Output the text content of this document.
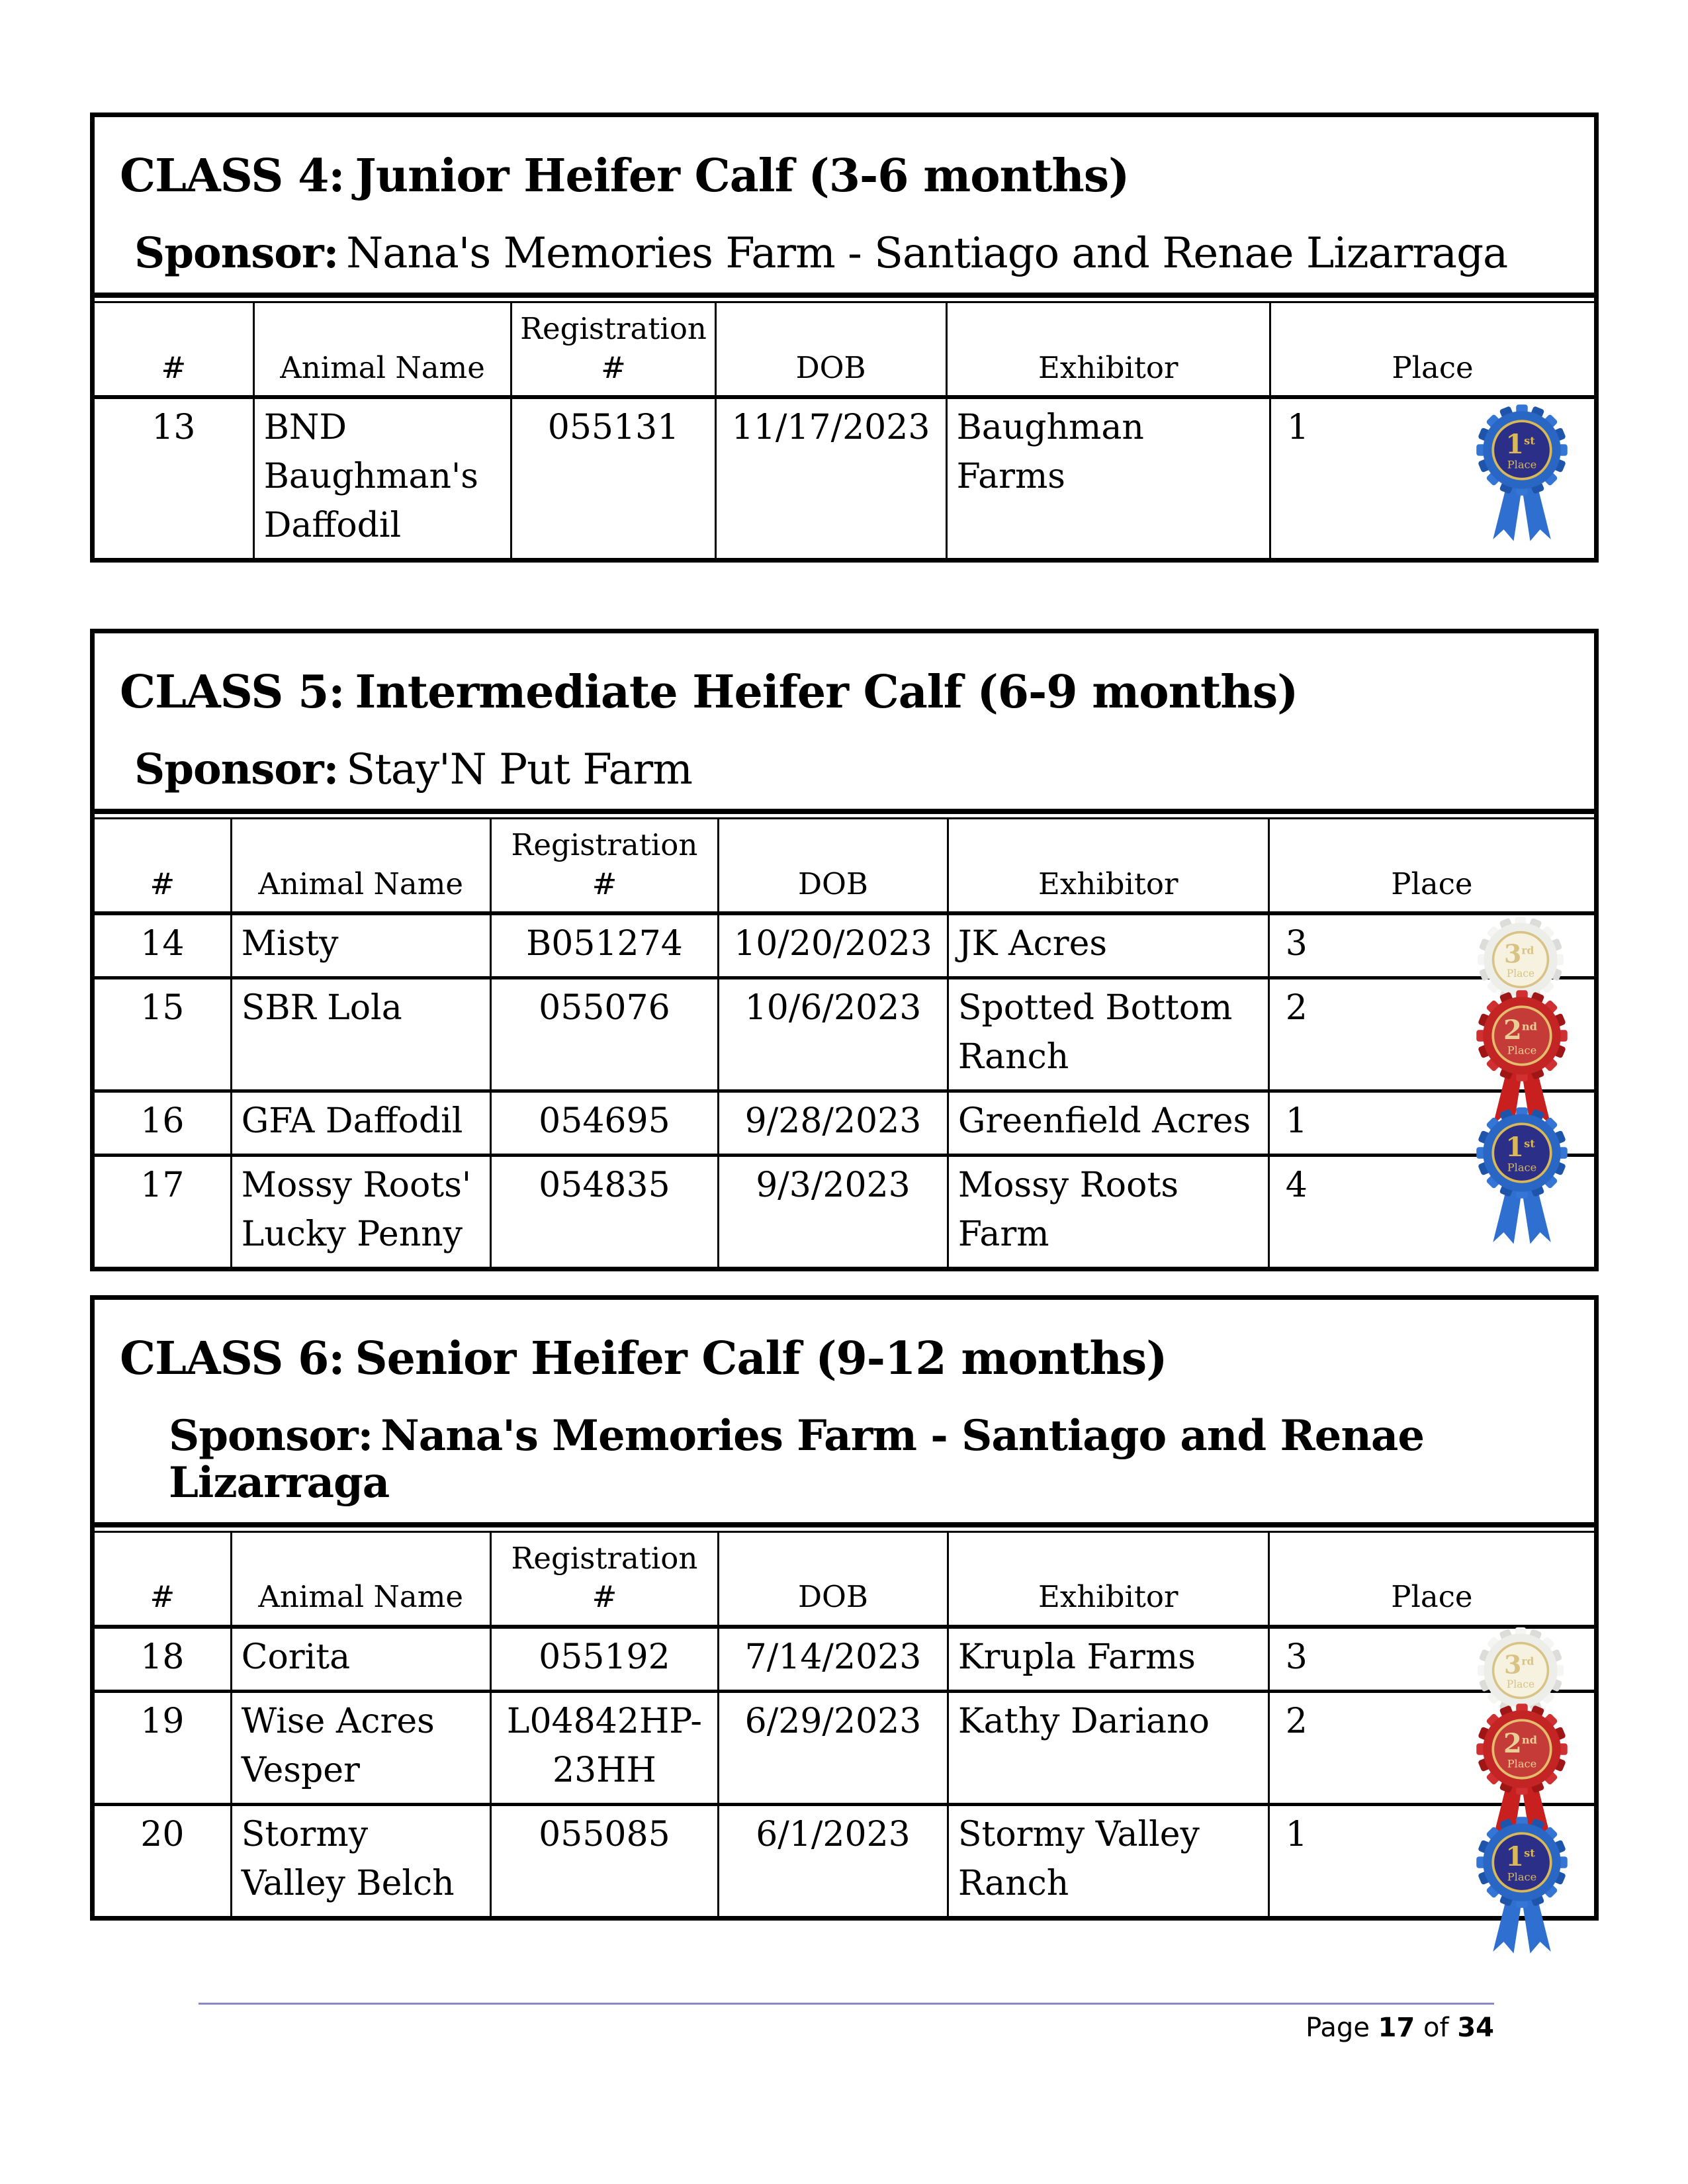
CLASS 4: Junior Heifer Calf (3-6 months)

Sponsor: Nana's Memories Farm - Santiago and Renae Lizarraga

#	Animal Name	Registration #	DOB	Exhibitor	Place
13	BND Baughman's Daffodil	055131	11/17/2023	Baughman Farms	1 1st
Place
CLASS 5: Intermediate Heifer Calf (6-9 months)

Sponsor: Stay'N Put Farm

#	Animal Name	Registration #	DOB	Exhibitor	Place
14	Misty	B051274	10/20/2023	JK Acres	3 3rd
Place

15	SBR Lola	055076	10/6/2023	Spotted Bottom Ranch	2
2nd
Place

16	GFA Daffodil	054695	9/28/2023	Greenfield Acres	1
1st
Place

17	Mossy Roots' Lucky Penny	054835	9/3/2023	Mossy Roots Farm	4
CLASS 6: Senior Heifer Calf (9-12 months)

Sponsor: Nana's Memories Farm - Santiago and Renae Lizarraga

#	Animal Name	Registration #	DOB	Exhibitor	Place
18	Corita	055192	7/14/2023	Krupla Farms	3 3rd
Place

19	Wise Acres Vesper	L04842HP-23HH	6/29/2023	Kathy Dariano	2
2nd
Place

20	Stormy Valley Belch	055085	6/1/2023	Stormy Valley Ranch	1
1st
Place
Page 17 of 34
